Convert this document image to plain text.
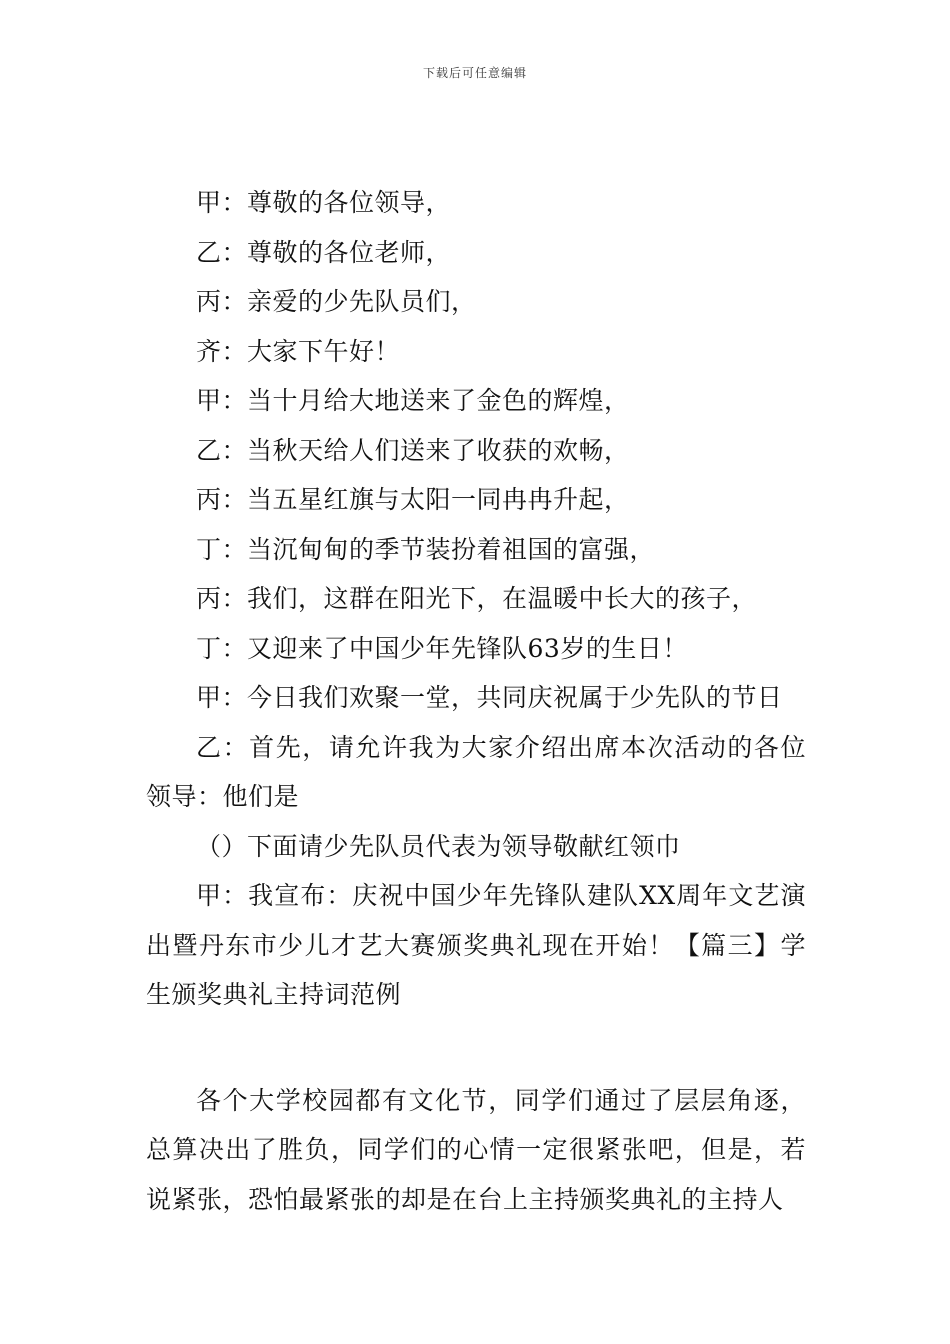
下载后可任意编辑
甲：尊敬的各位领导，
乙：尊敬的各位老师，
丙：亲爱的少先队员们，
齐：大家下午好！
甲：当十月给大地送来了金色的辉煌，
乙：当秋天给人们送来了收获的欢畅，
丙：当五星红旗与太阳一同冉冉升起，
丁：当沉甸甸的季节装扮着祖国的富强，
丙：我们，这群在阳光下，在温暖中长大的孩子，
丁：又迎来了中国少年先锋队63岁的生日！
甲：今日我们欢聚一堂，共同庆祝属于少先队的节日
乙：首先，请允许我为大家介绍出席本次活动的各位领导：他们是
（）下面请少先队员代表为领导敬献红领巾
甲：我宣布：庆祝中国少年先锋队建队XX周年文艺演出暨丹东市少儿才艺大赛颁奖典礼现在开始！【篇三】学生颁奖典礼主持词范例
各个大学校园都有文化节，同学们通过了层层角逐，总算决出了胜负，同学们的心情一定很紧张吧，但是，若说紧张，恐怕最紧张的却是在台上主持颁奖典礼的主持人
